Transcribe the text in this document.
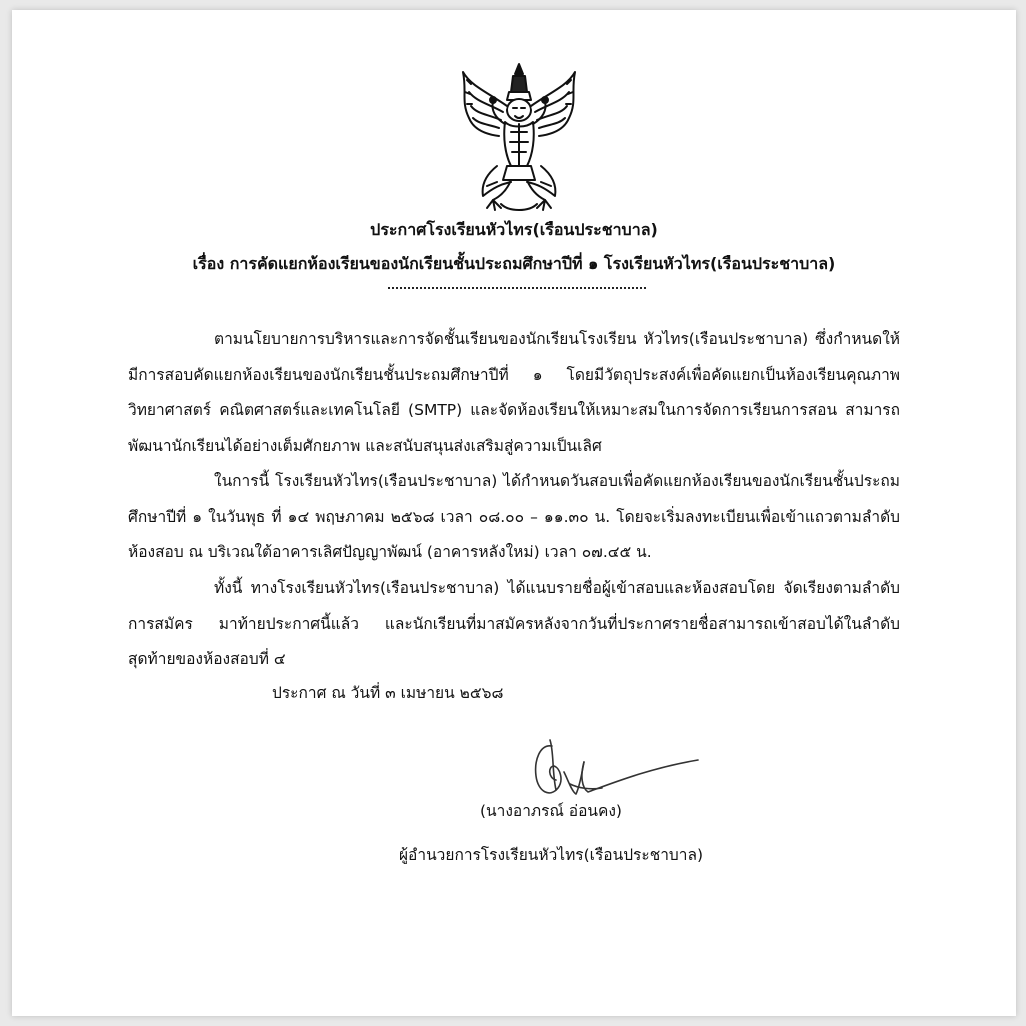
ประกาศโรงเรียนหัวไทร(เรือนประชาบาล)
เรื่อง การคัดแยกห้องเรียนของนักเรียนชั้นประถมศึกษาปีที่ ๑ โรงเรียนหัวไทร(เรือนประชาบาล)

ตามนโยบายการบริหารและการจัดชั้นเรียนของนักเรียนโรงเรียน หัวไทร(เรือนประชาบาล) ซึ่งกำหนดให้มีการสอบคัดแยกห้องเรียนของนักเรียนชั้นประถมศึกษาปีที่ ๑ โดยมีวัตถุประสงค์เพื่อคัดแยกเป็นห้องเรียนคุณภาพวิทยาศาสตร์ คณิตศาสตร์และเทคโนโลยี (SMTP) และจัดห้องเรียนให้เหมาะสมในการจัดการเรียนการสอน สามารถพัฒนานักเรียนได้อย่างเต็มศักยภาพ และสนับสนุนส่งเสริมสู่ความเป็นเลิศ

ในการนี้ โรงเรียนหัวไทร(เรือนประชาบาล) ได้กำหนดวันสอบเพื่อคัดแยกห้องเรียนของนักเรียนชั้นประถมศึกษาปีที่ ๑ ในวันพุธ ที่ ๑๔ พฤษภาคม ๒๕๖๘ เวลา ๐๘.๐๐ – ๑๑.๓๐ น. โดยจะเริ่มลงทะเบียนเพื่อเข้าแถวตามลำดับห้องสอบ ณ บริเวณใต้อาคารเลิศปัญญาพัฒน์ (อาคารหลังใหม่) เวลา ๐๗.๔๕ น.

ทั้งนี้ ทางโรงเรียนหัวไทร(เรือนประชาบาล) ได้แนบรายชื่อผู้เข้าสอบและห้องสอบโดย จัดเรียงตามลำดับการสมัคร มาท้ายประกาศนี้แล้ว และนักเรียนที่มาสมัครหลังจากวันที่ประกาศรายชื่อสามารถเข้าสอบได้ในลำดับสุดท้ายของห้องสอบที่ ๔

ประกาศ ณ วันที่ ๓ เมษายน ๒๕๖๘
(นางอาภรณ์ อ่อนคง)
ผู้อำนวยการโรงเรียนหัวไทร(เรือนประชาบาล)
